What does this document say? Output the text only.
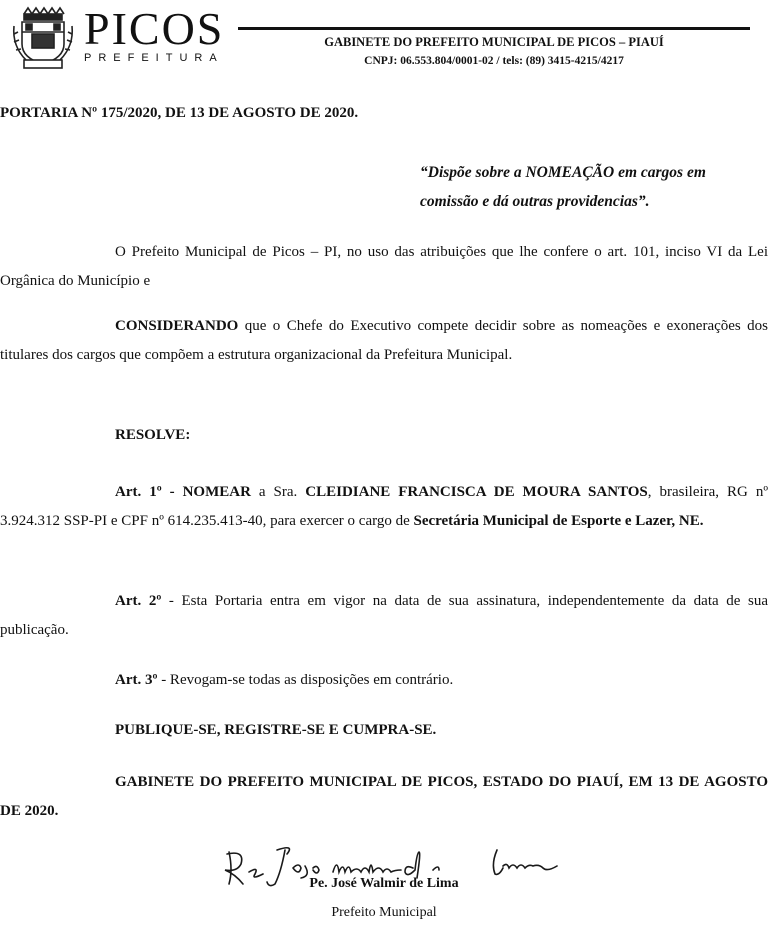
PICOS
PREFEITURA
GABINETE DO PREFEITO MUNICIPAL DE PICOS – PIAUÍ
CNPJ: 06.553.804/0001-02 / tels: (89) 3415-4215/4217
PORTARIA Nº 175/2020, DE 13 DE AGOSTO DE 2020.
“Dispõe sobre a NOMEAÇÃO em cargos em comissão e dá outras providencias”.
O Prefeito Municipal de Picos – PI, no uso das atribuições que lhe confere o art. 101, inciso VI da Lei Orgânica do Município e
CONSIDERANDO que o Chefe do Executivo compete decidir sobre as nomeações e exonerações dos titulares dos cargos que compõem a estrutura organizacional da Prefeitura Municipal.
RESOLVE:
Art. 1º - NOMEAR a Sra. CLEIDIANE FRANCISCA DE MOURA SANTOS, brasileira, RG nº 3.924.312 SSP-PI e CPF nº 614.235.413-40, para exercer o cargo de Secretária Municipal de Esporte e Lazer, NE.
Art. 2º - Esta Portaria entra em vigor na data de sua assinatura, independentemente da data de sua publicação.
Art. 3º - Revogam-se todas as disposições em contrário.
PUBLIQUE-SE, REGISTRE-SE E CUMPRA-SE.
GABINETE DO PREFEITO MUNICIPAL DE PICOS, ESTADO DO PIAUÍ, EM 13 DE AGOSTO DE 2020.
Pe. José Walmir de Lima
Pe. José Walmir de Lima
Prefeito Municipal
